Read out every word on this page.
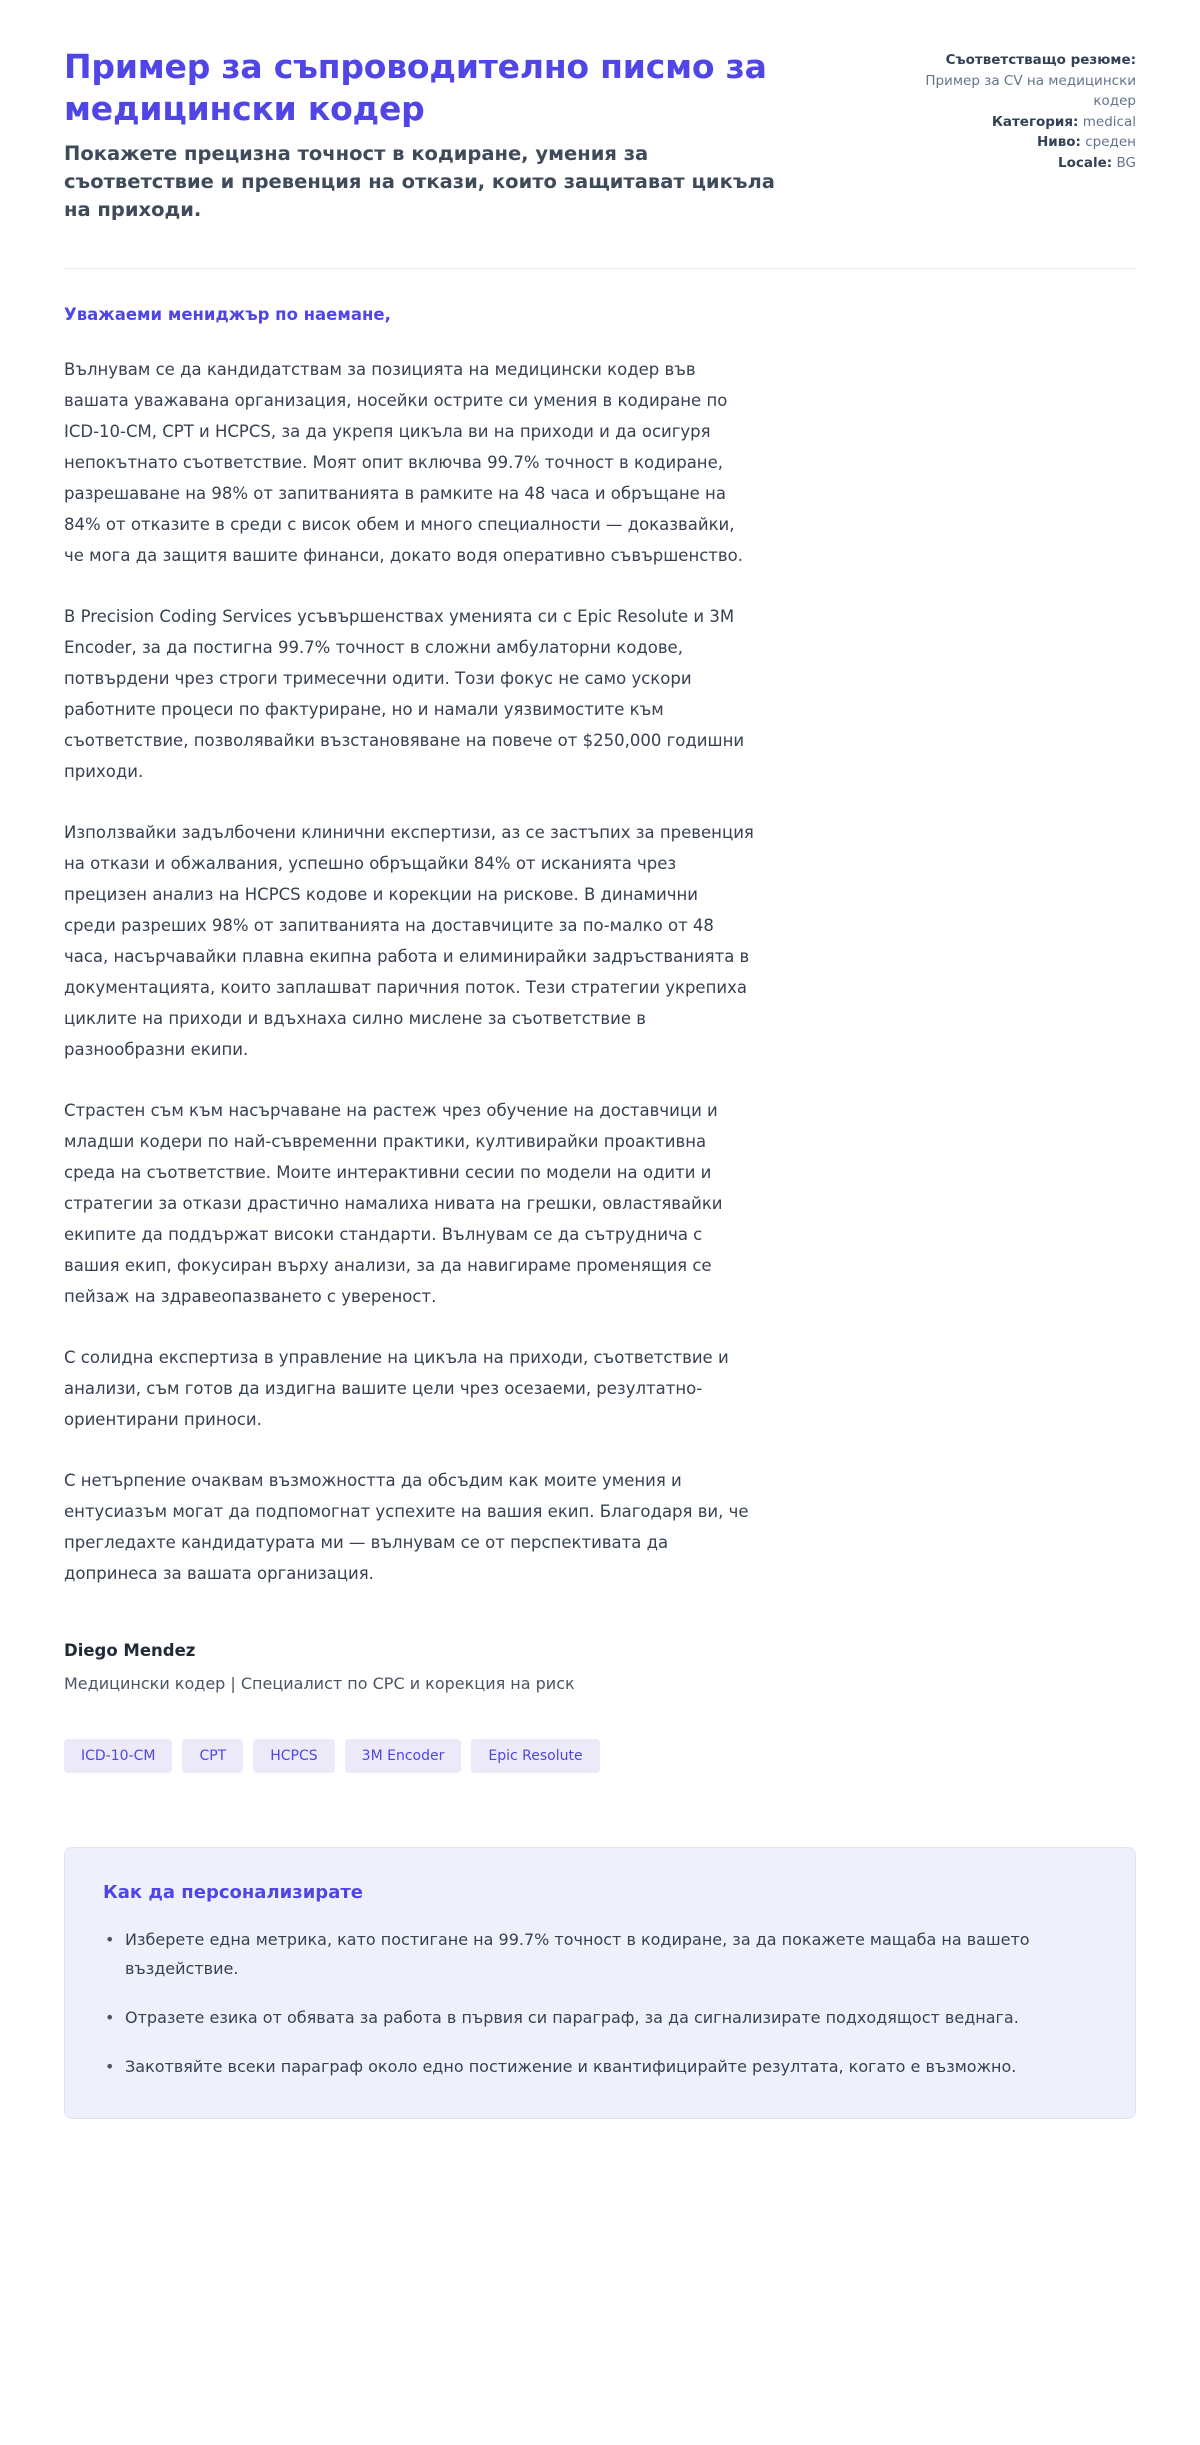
Пример за съпроводително писмо за медицински кодер

Покажете прецизна точност в кодиране, умения за съответствие и превенция на откази, които защитават цикъла на приходи.

Съответстващо резюме: Пример за CV на медицински кодер
Категория: medical
Ниво: среден
Locale: BG

Уважаеми мениджър по наемане,

Вълнувам се да кандидатствам за позицията на медицински кодер във вашата уважавана организация, носейки острите си умения в кодиране по ICD-10-CM, CPT и HCPCS, за да укрепя цикъла ви на приходи и да осигуря непокътнато съответствие. Моят опит включва 99.7% точност в кодиране, разрешаване на 98% от запитванията в рамките на 48 часа и обръщане на 84% от отказите в среди с висок обем и много специалности — доказвайки, че мога да защитя вашите финанси, докато водя оперативно съвършенство.

В Precision Coding Services усъвършенствах уменията си с Epic Resolute и 3M Encoder, за да постигна 99.7% точност в сложни амбулаторни кодове, потвърдени чрез строги тримесечни одити. Този фокус не само ускори работните процеси по фактуриране, но и намали уязвимостите към съответствие, позволявайки възстановяване на повече от $250,000 годишни приходи.

Използвайки задълбочени клинични експертизи, аз се застъпих за превенция на откази и обжалвания, успешно обръщайки 84% от исканията чрез прецизен анализ на HCPCS кодове и корекции на рискове. В динамични среди разреших 98% от запитванията на доставчиците за по-малко от 48 часа, насърчавайки плавна екипна работа и елиминирайки задръстванията в документацията, които заплашват паричния поток. Тези стратегии укрепиха циклите на приходи и вдъхнаха силно мислене за съответствие в разнообразни екипи.

Страстен съм към насърчаване на растеж чрез обучение на доставчици и младши кодери по най-съвременни практики, култивирайки проактивна среда на съответствие. Моите интерактивни сесии по модели на одити и стратегии за откази драстично намалиха нивата на грешки, овластявайки екипите да поддържат високи стандарти. Вълнувам се да сътруднича с вашия екип, фокусиран върху анализи, за да навигираме променящия се пейзаж на здравеопазването с увереност.

С солидна експертиза в управление на цикъла на приходи, съответствие и анализи, съм готов да издигна вашите цели чрез осезаеми, резултатно-ориентирани приноси.

С нетърпение очаквам възможността да обсъдим как моите умения и ентусиазъм могат да подпомогнат успехите на вашия екип. Благодаря ви, че прегледахте кандидатурата ми — вълнувам се от перспективата да допринеса за вашата организация.

Diego Mendez

Медицински кодер | Специалист по CPC и корекция на риск

ICD-10-CM	CPT	HCPCS	3M Encoder	Epic Resolute
Как да персонализирате
• Изберете една метрика, като постигане на 99.7% точност в кодиране, за да покажете мащаба на вашето въздействие.
• Отразете езика от обявата за работа в първия си параграф, за да сигнализирате подходящост веднага.
• Закотвяйте всеки параграф около едно постижение и квантифицирайте резултата, когато е възможно.
